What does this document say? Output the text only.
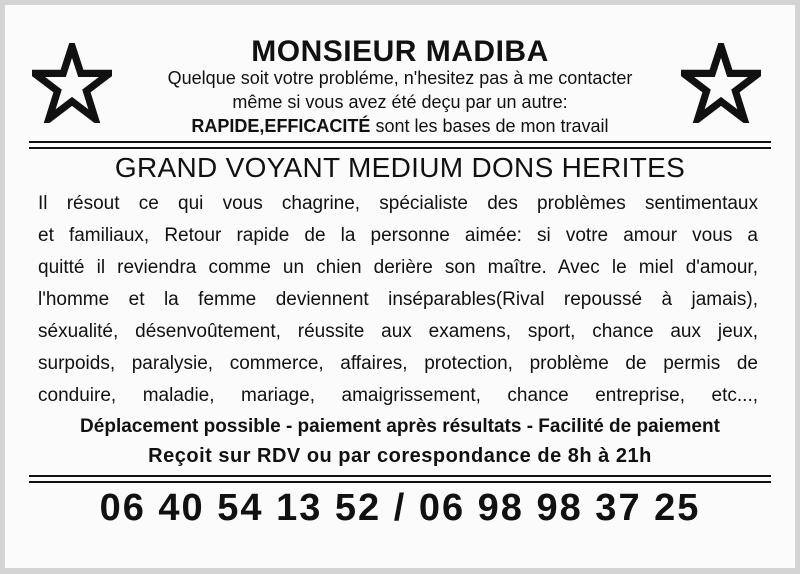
MONSIEUR MADIBA
Quelque soit votre probléme, n'hesitez pas à me contacter
même si vous avez été deçu par un autre:
RAPIDE,EFFICACITÉ sont les bases de mon travail
GRAND VOYANT MEDIUM DONS HERITES
Il résout ce qui vous chagrine, spécialiste des problèmes sentimentaux
et familiaux, Retour rapide de la personne aimée: si votre amour vous a
quitté il reviendra comme un chien derière son maître. Avec le miel d'amour,
l'homme et la femme deviennent inséparables(Rival repoussé à jamais),
séxualité, désenvoûtement, réussite aux examens, sport, chance aux jeux,
surpoids, paralysie, commerce, affaires, protection, problème de permis de
conduire, maladie, mariage, amaigrissement, chance entreprise, etc...,
Déplacement possible - paiement après résultats - Facilité de paiement
Reçoit sur RDV ou par corespondance de 8h à 21h
06 40 54 13 52 / 06 98 98 37 25
